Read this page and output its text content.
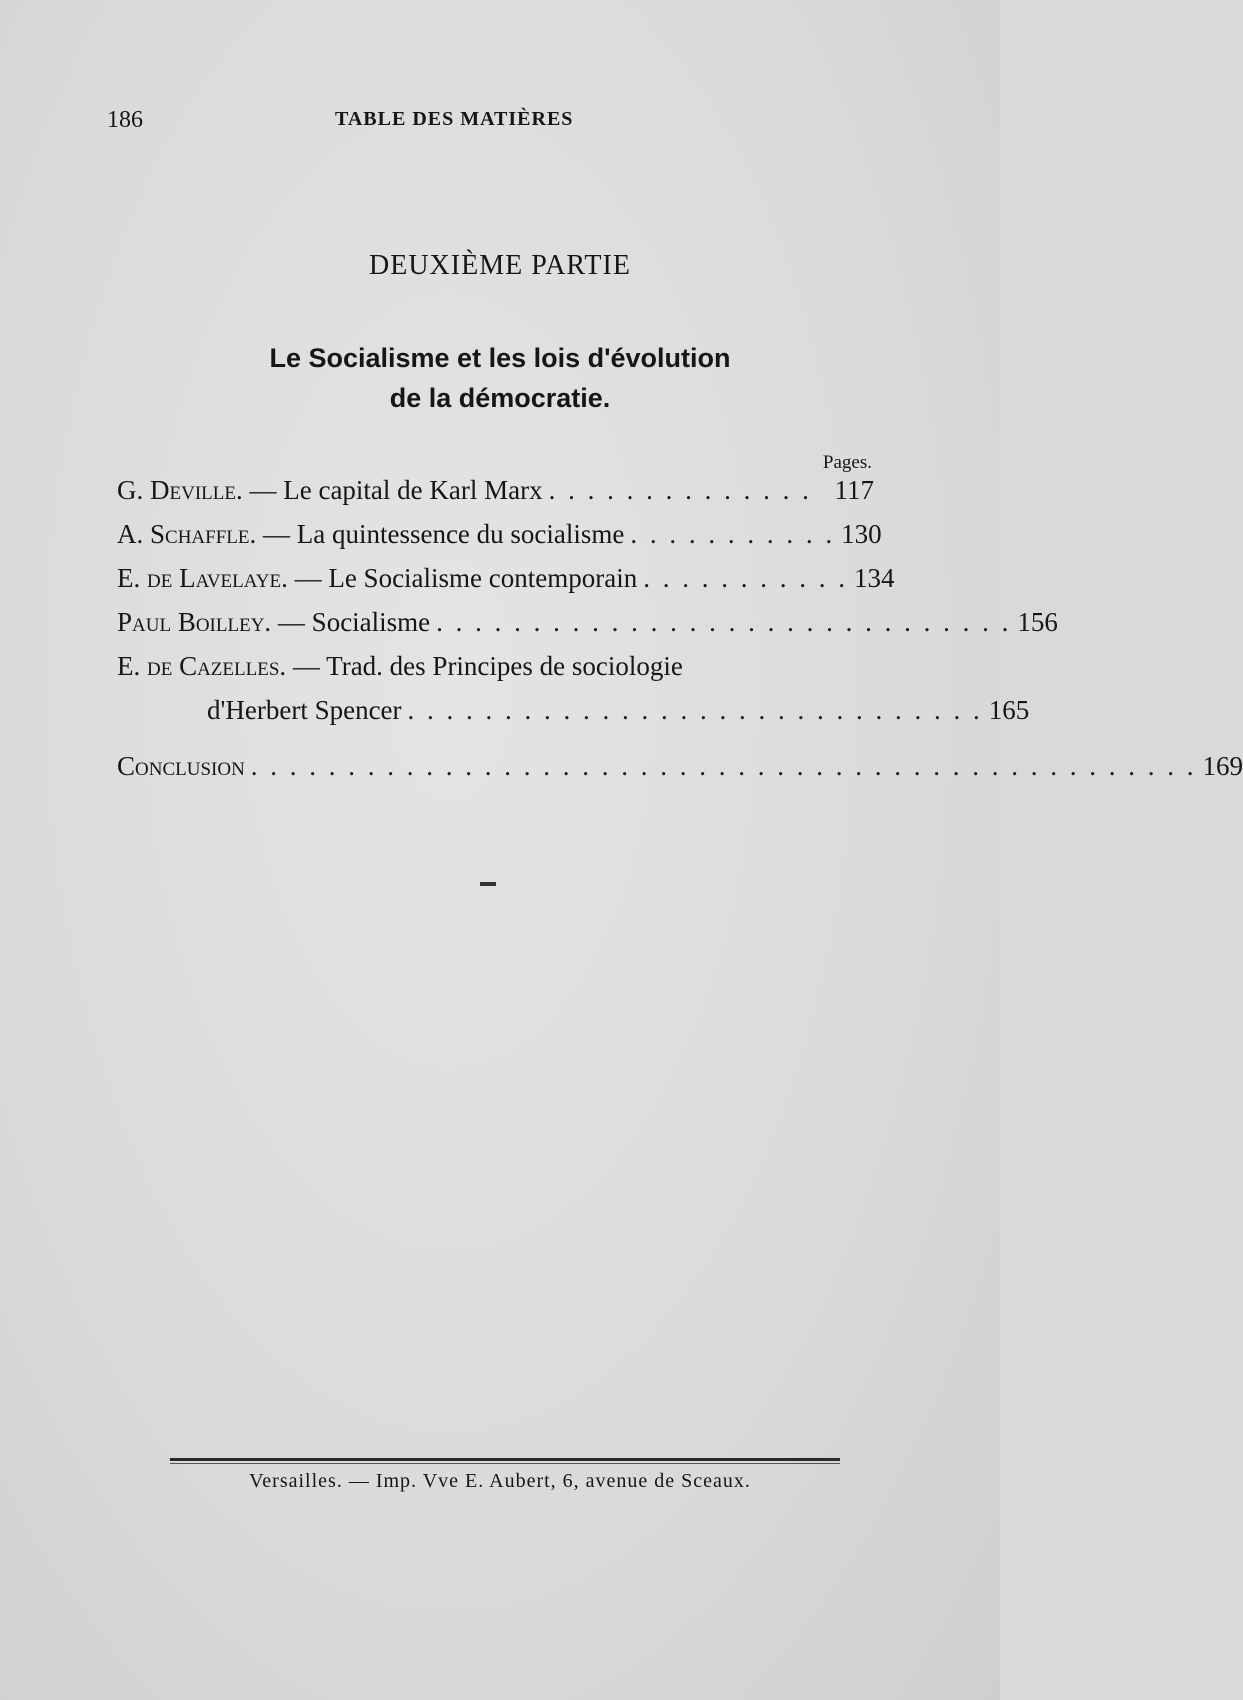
186	TABLE DES MATIÈRES
DEUXIÈME PARTIE
Le Socialisme et les lois d'évolution
de la démocratie.
Pages.
G. Deville. — Le capital de Karl Marx . . . . . . . . . . . . . . 117
A. Schaffle. — La quintessence du socialisme . . . . . . . . . . . 130
E. de Lavelaye. — Le Socialisme contemporain . . . . . . . . . . . 134
Paul Boilley. — Socialisme . . . . . . . . . . . . . . . . . . . . . . . . . . . . . . 156
E. de Cazelles. — Trad. des Principes de sociologie
d'Herbert Spencer . . . . . . . . . . . . . . . . . . . . . . . . . . . . . . 165
Conclusion . . . . . . . . . . . . . . . . . . . . . . . . . . . . . . . . . . . . . . . . . . . . . . . . . 169
Versailles. — Imp. Vve E. Aubert, 6, avenue de Sceaux.
